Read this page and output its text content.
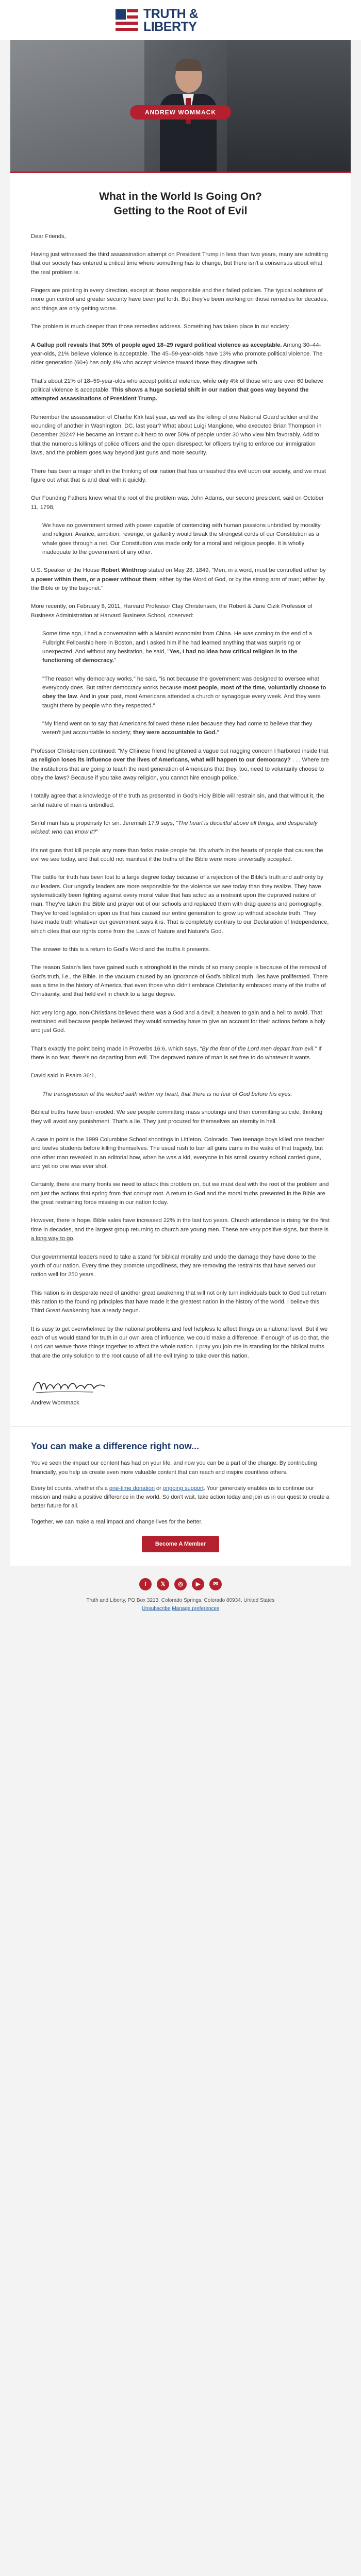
TRUTH &
LIBERTY
ANDREW WOMMACK
What in the World Is Going On?
Getting to the Root of Evil

Dear Friends,

Having just witnessed the third assassination attempt on President Trump in less than two years, many are admitting that our society has entered a critical time where something has to change, but there isn't a consensus about what the real problem is.

Fingers are pointing in every direction, except at those responsible and their failed policies. The typical solutions of more gun control and greater security have been put forth. But they've been working on those remedies for decades, and things are only getting worse.

The problem is much deeper than those remedies address. Something has taken place in our society.

A Gallup poll reveals that 30% of people aged 18–29 regard political violence as acceptable. Among 30–44-year-olds, 21% believe violence is acceptable. The 45–59-year-olds have 13% who promote political violence. The older generation (60+) has only 4% who accept violence toward those they disagree with.

That's about 21% of 18–59-year-olds who accept political violence, while only 4% of those who are over 60 believe political violence is acceptable. This shows a huge societal shift in our nation that goes way beyond the attempted assassinations of President Trump.

Remember the assassination of Charlie Kirk last year, as well as the killing of one National Guard soldier and the wounding of another in Washington, DC, last year? What about Luigi Mangione, who executed Brian Thompson in December 2024? He became an instant cult hero to over 50% of people under 30 who view him favorably. Add to that the numerous killings of police officers and the open disrespect for officers trying to enforce our immigration laws, and the problem goes way beyond just guns and more security.

There has been a major shift in the thinking of our nation that has unleashed this evil upon our society, and we must figure out what that is and deal with it quickly.

Our Founding Fathers knew what the root of the problem was. John Adams, our second president, said on October 11, 1798,

We have no government armed with power capable of contending with human passions unbridled by morality and religion. Avarice, ambition, revenge, or gallantry would break the strongest cords of our Constitution as a whale goes through a net. Our Constitution was made only for a moral and religious people. It is wholly inadequate to the government of any other.

U.S. Speaker of the House Robert Winthrop stated on May 28, 1849, "Men, in a word, must be controlled either by a power within them, or a power without them; either by the Word of God, or by the strong arm of man; either by the Bible or by the bayonet."

More recently, on February 8, 2011, Harvard Professor Clay Christensen, the Robert & Jane Cizik Professor of Business Administration at Harvard Business School, observed:

Some time ago, I had a conversation with a Marxist economist from China. He was coming to the end of a Fulbright Fellowship here in Boston, and I asked him if he had learned anything that was surprising or unexpected. And without any hesitation, he said, "Yes, I had no idea how critical religion is to the functioning of democracy."
"The reason why democracy works," he said, "is not because the government was designed to oversee what everybody does. But rather democracy works because most people, most of the time, voluntarily choose to obey the law. And in your past, most Americans attended a church or synagogue every week. And they were taught there by people who they respected."
"My friend went on to say that Americans followed these rules because they had come to believe that they weren't just accountable to society; they were accountable to God."

Professor Christensen continued: "My Chinese friend heightened a vague but nagging concern I harbored inside that as religion loses its influence over the lives of Americans, what will happen to our democracy? . . . Where are the institutions that are going to teach the next generation of Americans that they, too, need to voluntarily choose to obey the laws? Because if you take away religion, you cannot hire enough police."

I totally agree that a knowledge of the truth as presented in God's Holy Bible will restrain sin, and that without it, the sinful nature of man is unbridled.

Sinful man has a propensity for sin. Jeremiah 17:9 says, "The heart is deceitful above all things, and desperately wicked: who can know it?"

It's not guns that kill people any more than forks make people fat. It's what's in the hearts of people that causes the evil we see today, and that could not manifest if the truths of the Bible were more universally accepted.

The battle for truth has been lost to a large degree today because of a rejection of the Bible's truth and authority by our leaders. Our ungodly leaders are more responsible for the violence we see today than they realize. They have systematically been fighting against every moral value that has acted as a restraint upon the depraved nature of man. They've taken the Bible and prayer out of our schools and replaced them with drag queens and pornography. They've forced legislation upon us that has caused our entire generation to grow up without absolute truth. They have made truth whatever our government says it is. That is completely contrary to our Declaration of Independence, which cites that our rights come from the Laws of Nature and Nature's God.

The answer to this is a return to God's Word and the truths it presents.

The reason Satan's lies have gained such a stronghold in the minds of so many people is because of the removal of God's truth, i.e., the Bible. In the vacuum caused by an ignorance of God's biblical truth, lies have proliferated. There was a time in the history of America that even those who didn't embrace Christianity embraced many of the truths of Christianity, and that held evil in check to a large degree.

Not very long ago, non-Christians believed there was a God and a devil; a heaven to gain and a hell to avoid. That restrained evil because people believed they would someday have to give an account for their actions before a holy and just God.

That's exactly the point being made in Proverbs 16:6, which says, "By the fear of the Lord men depart from evil." If there is no fear, there's no departing from evil. The depraved nature of man is set free to do whatever it wants.

David said in Psalm 36:1,

The transgression of the wicked saith within my heart, that there is no fear of God before his eyes.

Biblical truths have been eroded. We see people committing mass shootings and then committing suicide; thinking they will avoid any punishment. That's a lie. They just procured for themselves an eternity in hell.

A case in point is the 1999 Columbine School shootings in Littleton, Colorado. Two teenage boys killed one teacher and twelve students before killing themselves. The usual rush to ban all guns came in the wake of that tragedy, but one other man revealed in an editorial how, when he was a kid, everyone in his small country school carried guns, and yet no one was ever shot.

Certainly, there are many fronts we need to attack this problem on, but we must deal with the root of the problem and not just the actions that spring from that corrupt root. A return to God and the moral truths presented in the Bible are the great restraining force missing in our nation today.

However, there is hope. Bible sales have increased 22% in the last two years. Church attendance is rising for the first time in decades, and the largest group returning to church are young men. These are very positive signs, but there is a long way to go.

Our governmental leaders need to take a stand for biblical morality and undo the damage they have done to the youth of our nation. Every time they promote ungodliness, they are removing the restraints that have served our nation well for 250 years.

This nation is in desperate need of another great awakening that will not only turn individuals back to God but return this nation to the founding principles that have made it the greatest nation in the history of the world. I believe this Third Great Awakening has already begun.

It is easy to get overwhelmed by the national problems and feel helpless to affect things on a national level. But if we each of us would stand for truth in our own area of influence, we could make a difference. If enough of us do that, the Lord can weave those things together to affect the whole nation. I pray you join me in standing for the biblical truths that are the only solution to the root cause of all the evil trying to take over this nation.

Andrew Wommack

You can make a difference right now...

You've seen the impact our content has had on your life, and now you can be a part of the change. By contributing financially, you help us create even more valuable content that can reach and inspire countless others.

Every bit counts, whether it's a one-time donation or ongoing support. Your generosity enables us to continue our mission and make a positive difference in the world. So don't wait, take action today and join us in our quest to create a better future for all.

Together, we can make a real impact and change lives for the better.

Become A Member
f	𝕏	◎	▶	✉
Truth and Liberty, PO Box 3213, Colorado Springs, Colorado 80934, United States
Unsubscribe Manage preferences
